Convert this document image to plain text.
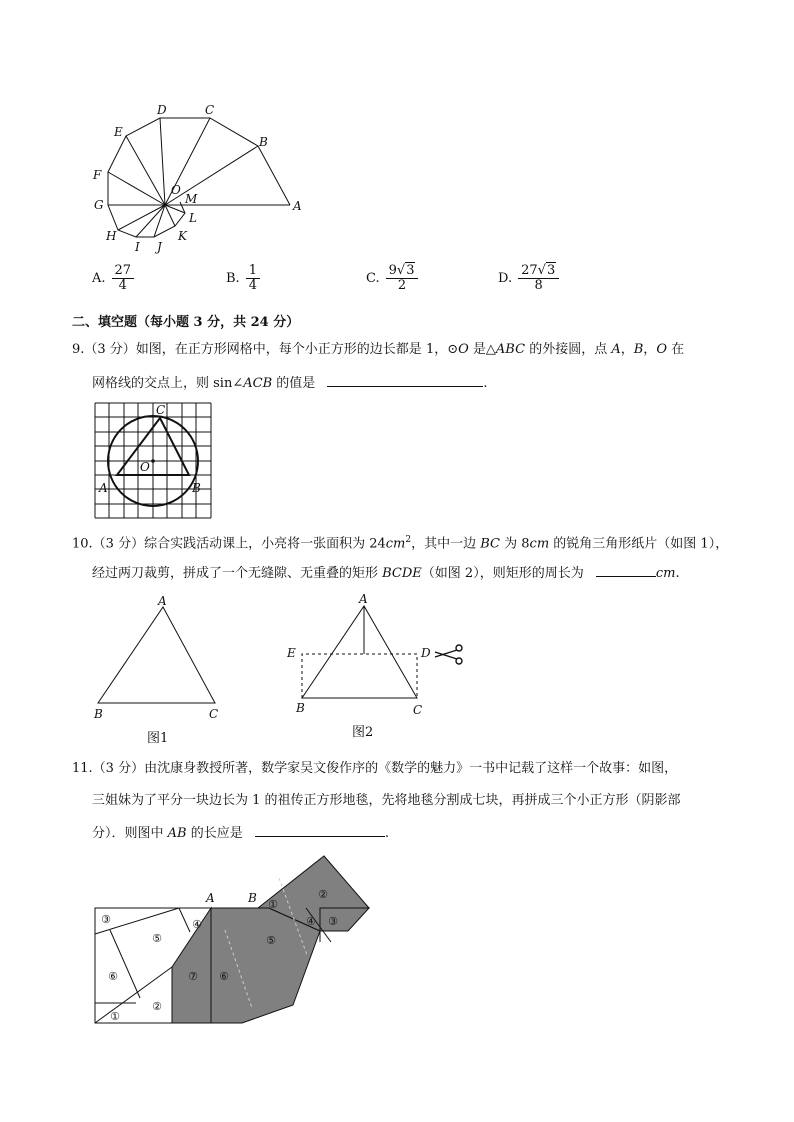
A
B
C
D
E
F
G
H
I J
K
L
M
O
A. $\frac{27}{4}$	B. $\frac{1}{4}$	C. $\frac{9√3}{2}$	D. $\frac{27√3}{8}$
二、填空题（每小题 3 分，共 24 分）
9.（3 分）如图，在正方形网格中，每个小正方形的边长都是 1，⊙O 是△ABC 的外接圆，点 A，B，O 在
网格线的交点上，则 sin∠ACB 的值是	.
A	B
C
O
10.（3 分）综合实践活动课上，小亮将一张面积为 $24cm^2$，其中一边 BC 为 8cm 的锐角三角形纸片（如图 1），
经过两刀裁剪，拼成了一个无缝隙、无重叠的矩形 BCDE（如图 2），则矩形的周长为	cm.
A
B	C
图1
A
E	D
B	C
图2
11.（3 分）由沈康身教授所著，数学家吴文俊作序的《数学的魅力》一书中记载了这样一个故事：如图，
三姐妹为了平分一块边长为 1 的祖传正方形地毯，先将地毯分割成七块，再拼成三个小正方形（阴影部
分）．则图中 AB 的长应是	.
③
⑤
④
⑥
②
①
⑦ ⑥
⑤
①
②
④ ③
A	B
